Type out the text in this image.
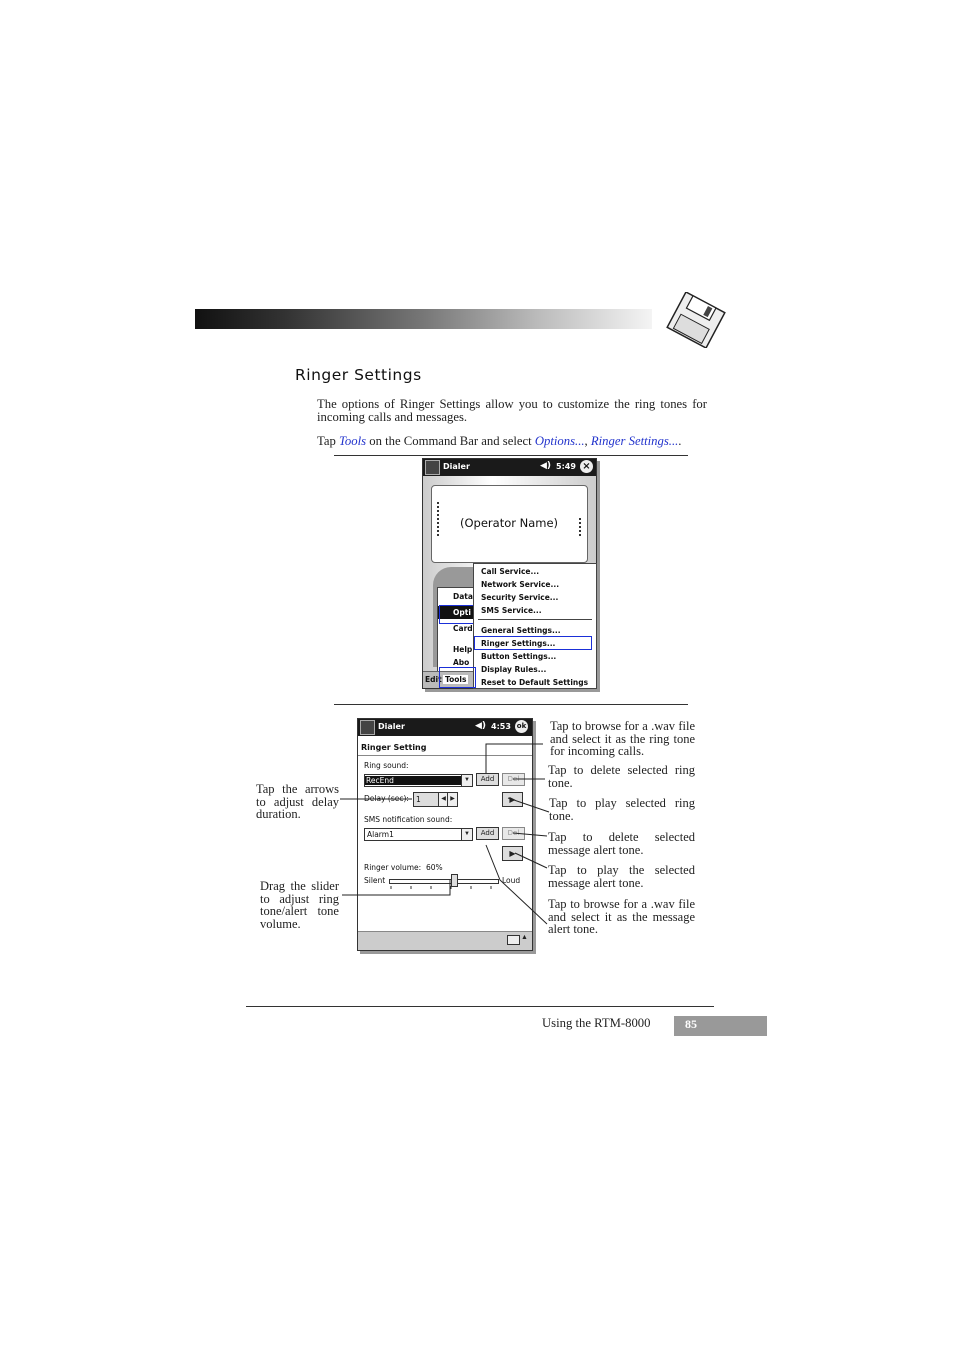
Ringer Settings
The options of Ringer Settings allow you to customize the ring tones for incoming calls and messages.
Tap Tools on the Command Bar and select Options..., Ringer Settings....
Dialer	◀) 5:49 ×
(Operator Name)
Data
Opti
Card
Help
Abo
Call Service...
Network Service...
Security Service...
SMS Service...
General Settings...
Ringer Settings...
Button Settings...
Display Rules...
Reset to Default Settings
Edit Tools
Dialer	◀) 4:53 ok
Ringer Setting
Ring sound:
RecEnd	▼	Add	Del
Delay (sec): 1	◀ ▶	▶
SMS notification sound:
Alarm1	▼	Add	Del
▶
Ringer volume: 60%
Silent	Loud
▲
Tap the arrows to adjust delay duration.
Drag the slider to adjust ring tone/alert tone volume.
Tap to browse for a .wav file and select it as the ring tone for incoming calls.
Tap to delete selected ring tone.
Tap to play selected ring tone.
Tap to delete selected message alert tone.
Tap to play the selected message alert tone.
Tap to browse for a .wav file and select it as the message alert tone.
Using the RTM-8000	85
